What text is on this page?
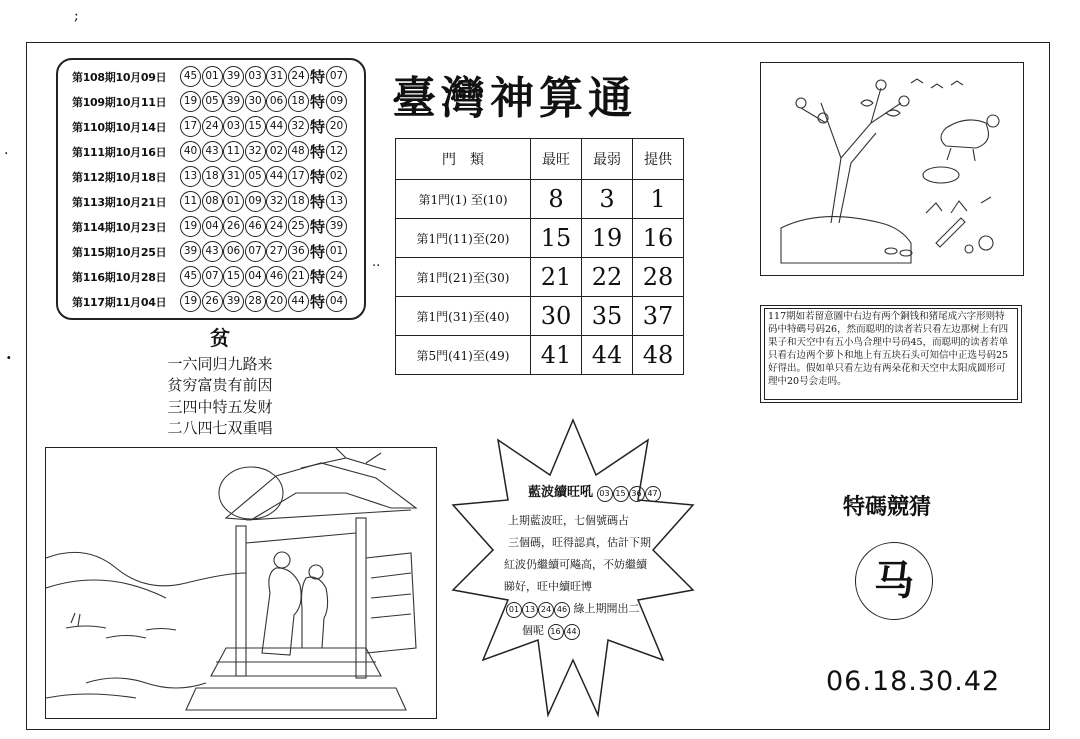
;
·
·
第108期10月09日	45 01 39 03 31 24 特 07
第109期10月11日	19 05 39 30 06 18 特 09
第110期10月14日	17 24 03 15 44 32 特 20
第111期10月16日	40 43 11 32 02 48 特 12
第112期10月18日	13 18 31 05 44 17 特 02
第113期10月21日	11 08 01 09 32 18 特 13
第114期10月23日	19 04 26 46 24 25 特 39
第115期10月25日	39 43 06 07 27 36 特 01
第116期10月28日	45 07 15 04 46 21 特 24
第117期11月04日	19 26 39 28 20 44 特 04
臺灣神算通
..
門　類	最旺	最弱	提供
第1門(1) 至(10)	8	3	1
第1門(11)至(20)	15	19	16
第1門(21)至(30)	21	22	28
第1門(31)至(40)	30	35	37
第5門(41)至(49)	41	44	48
贫
一六同归九路来
贫穷富贵有前因
三四中特五发财
二八四七双重唱
117期如若留意圖中右边有两个銅钱和猪尾成六字形则特码中特碼号码26，然而聪明的读者若只看左边那树上有四果子和天空中有五小鸟合理中号码45，而聪明的读者若单只看右边两个萝卜和地上有五块石头可知信中正选号码25好得出。假如单只看左边有两朵花和天空中太阳成圆形可理中20号会走吗。
藍波續旺吼 03 15 36 47
上期藍波旺，七個號碼占
三個碼，旺得認真，估計下期
紅波仍繼續可飚高，不妨繼續
睇好，旺中續旺博
01 13 24 46 綠上期開出二
個呢 16 44
特碼競猜
马
06.18.30.42
